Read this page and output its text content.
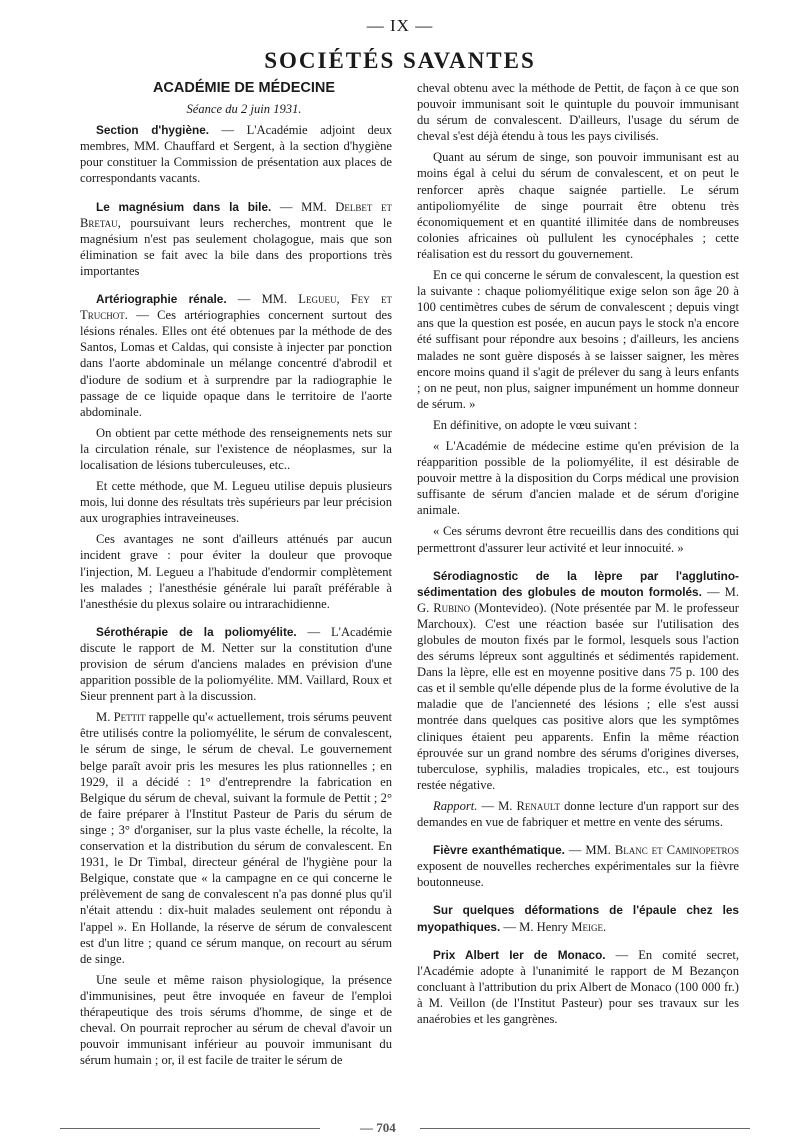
— IX —
SOCIÉTÉS SAVANTES

ACADÉMIE DE MÉDECINE

Séance du 2 juin 1931.

Section d'hygiène. — L'Académie adjoint deux membres, MM. Chauffard et Sergent, à la section d'hygiène pour constituer la Commission de présentation aux places de correspondants vacants.

Le magnésium dans la bile. — MM. Delbet et Bretau, poursuivant leurs recherches, montrent que le magnésium n'est pas seulement cholagogue, mais que son élimination se fait avec la bile dans des proportions très importantes

Artériographie rénale. — MM. Legueu, Fey et Truchot. — Ces artériographies concernent surtout des lésions rénales. Elles ont été obtenues par la méthode de des Santos, Lomas et Caldas, qui consiste à injecter par ponction dans l'aorte abdominale un mélange concentré d'abrodil et d'iodure de sodium et à surprendre par la radiographie le passage de ce liquide opaque dans le territoire de l'aorte abdominale.

On obtient par cette méthode des renseignements nets sur la circulation rénale, sur l'existence de néoplasmes, sur la localisation de lésions tuberculeuses, etc..

Et cette méthode, que M. Legueu utilise depuis plusieurs mois, lui donne des résultats très supérieurs par leur précision aux urographies intraveineuses.

Ces avantages ne sont d'ailleurs atténués par aucun incident grave : pour éviter la douleur que provoque l'injection, M. Legueu a l'habitude d'endormir complètement les malades ; l'anesthésie générale lui paraît préférable à l'anesthésie du plexus solaire ou intrarachidienne.

Sérothérapie de la poliomyélite. — L'Académie discute le rapport de M. Netter sur la constitution d'une provision de sérum d'anciens malades en prévision d'une apparition possible de la poliomyélite. MM. Vaillard, Roux et Sieur prennent part à la discussion.

M. Pettit rappelle qu'« actuellement, trois sérums peuvent être utilisés contre la poliomyélite, le sérum de convalescent, le sérum de singe, le sérum de cheval. Le gouvernement belge paraît avoir pris les mesures les plus rationnelles ; en 1929, il a décidé : 1° d'entreprendre la fabrication en Belgique du sérum de cheval, suivant la formule de Pettit ; 2° de faire préparer à l'Institut Pasteur de Paris du sérum de singe ; 3° d'organiser, sur la plus vaste échelle, la récolte, la conservation et la distribution du sérum de convalescent. En 1931, le Dr Timbal, directeur général de l'hygiène pour la Belgique, constate que « la campagne en ce qui concerne le prélèvement de sang de convalescent n'a pas donné plus qu'il n'était attendu : dix-huit malades seulement ont répondu à l'appel ». En Hollande, la réserve de sérum de convalescent est d'un litre ; quand ce sérum manque, on recourt au sérum de singe.

Une seule et même raison physiologique, la présence d'immunisines, peut être invoquée en faveur de l'emploi thérapeutique des trois sérums d'homme, de singe et de cheval. On pourrait reprocher au sérum de cheval d'avoir un pouvoir immunisant inférieur au pouvoir immunisant du sérum humain ; or, il est facile de traiter le sérum de

cheval obtenu avec la méthode de Pettit, de façon à ce que son pouvoir immunisant soit le quintuple du pouvoir immunisant du sérum de convalescent. D'ailleurs, l'usage du sérum de cheval s'est déjà étendu à tous les pays civilisés.

Quant au sérum de singe, son pouvoir immunisant est au moins égal à celui du sérum de convalescent, et on peut le renforcer après chaque saignée partielle. Le sérum antipoliomyélite de singe pourrait être obtenu très économiquement et en quantité illimitée dans de nombreuses colonies africaines où pullulent les cynocéphales ; cette réalisation est du ressort du gouvernement.

En ce qui concerne le sérum de convalescent, la question est la suivante : chaque poliomyélitique exige selon son âge 20 à 100 centimètres cubes de sérum de convalescent ; depuis vingt ans que la question est posée, en aucun pays le stock n'a encore été suffisant pour répondre aux besoins ; d'ailleurs, les anciens malades ne sont guère disposés à se laisser saigner, les mères encore moins quand il s'agit de prélever du sang à leurs enfants ; on ne peut, non plus, saigner impunément un homme donneur de sérum. »

En définitive, on adopte le vœu suivant :

« L'Académie de médecine estime qu'en prévision de la réapparition possible de la poliomyélite, il est désirable de pouvoir mettre à la disposition du Corps médical une provision suffisante de sérum d'ancien malade et de sérum d'origine animale.

« Ces sérums devront être recueillis dans des conditions qui permettront d'assurer leur activité et leur innocuité. »

Sérodiagnostic de la lèpre par l'agglutino-sédimentation des globules de mouton formolés. — M. G. Rubino (Montevideo). (Note présentée par M. le professeur Marchoux). C'est une réaction basée sur l'utilisation des globules de mouton fixés par le formol, lesquels sous l'action des sérums lépreux sont aggultinés et sédimentés rapidement. Dans la lèpre, elle est en moyenne positive dans 75 p. 100 des cas et il semble qu'elle dépende plus de la forme évolutive de la maladie que de l'ancienneté des lésions ; elle s'est aussi montrée dans quelques cas positive alors que les symptômes cliniques étaient peu apparents. Enfin la même réaction éprouvée sur un grand nombre des sérums d'origines diverses, tuberculose, syphilis, maladies tropicales, etc., est toujours restée négative.

Rapport. — M. Renault donne lecture d'un rapport sur des demandes en vue de fabriquer et mettre en vente des sérums.

Fièvre exanthématique. — MM. Blanc et Caminopetros exposent de nouvelles recherches expérimentales sur la fièvre boutonneuse.

Sur quelques déformations de l'épaule chez les myopathiques. — M. Henry Meige.

Prix Albert Ier de Monaco. — En comité secret, l'Académie adopte à l'unanimité le rapport de M Bezançon concluant à l'attribution du prix Albert de Monaco (100 000 fr.) à M. Veillon (de l'Institut Pasteur) pour ses travaux sur les anaérobies et les gangrènes.

— 704
